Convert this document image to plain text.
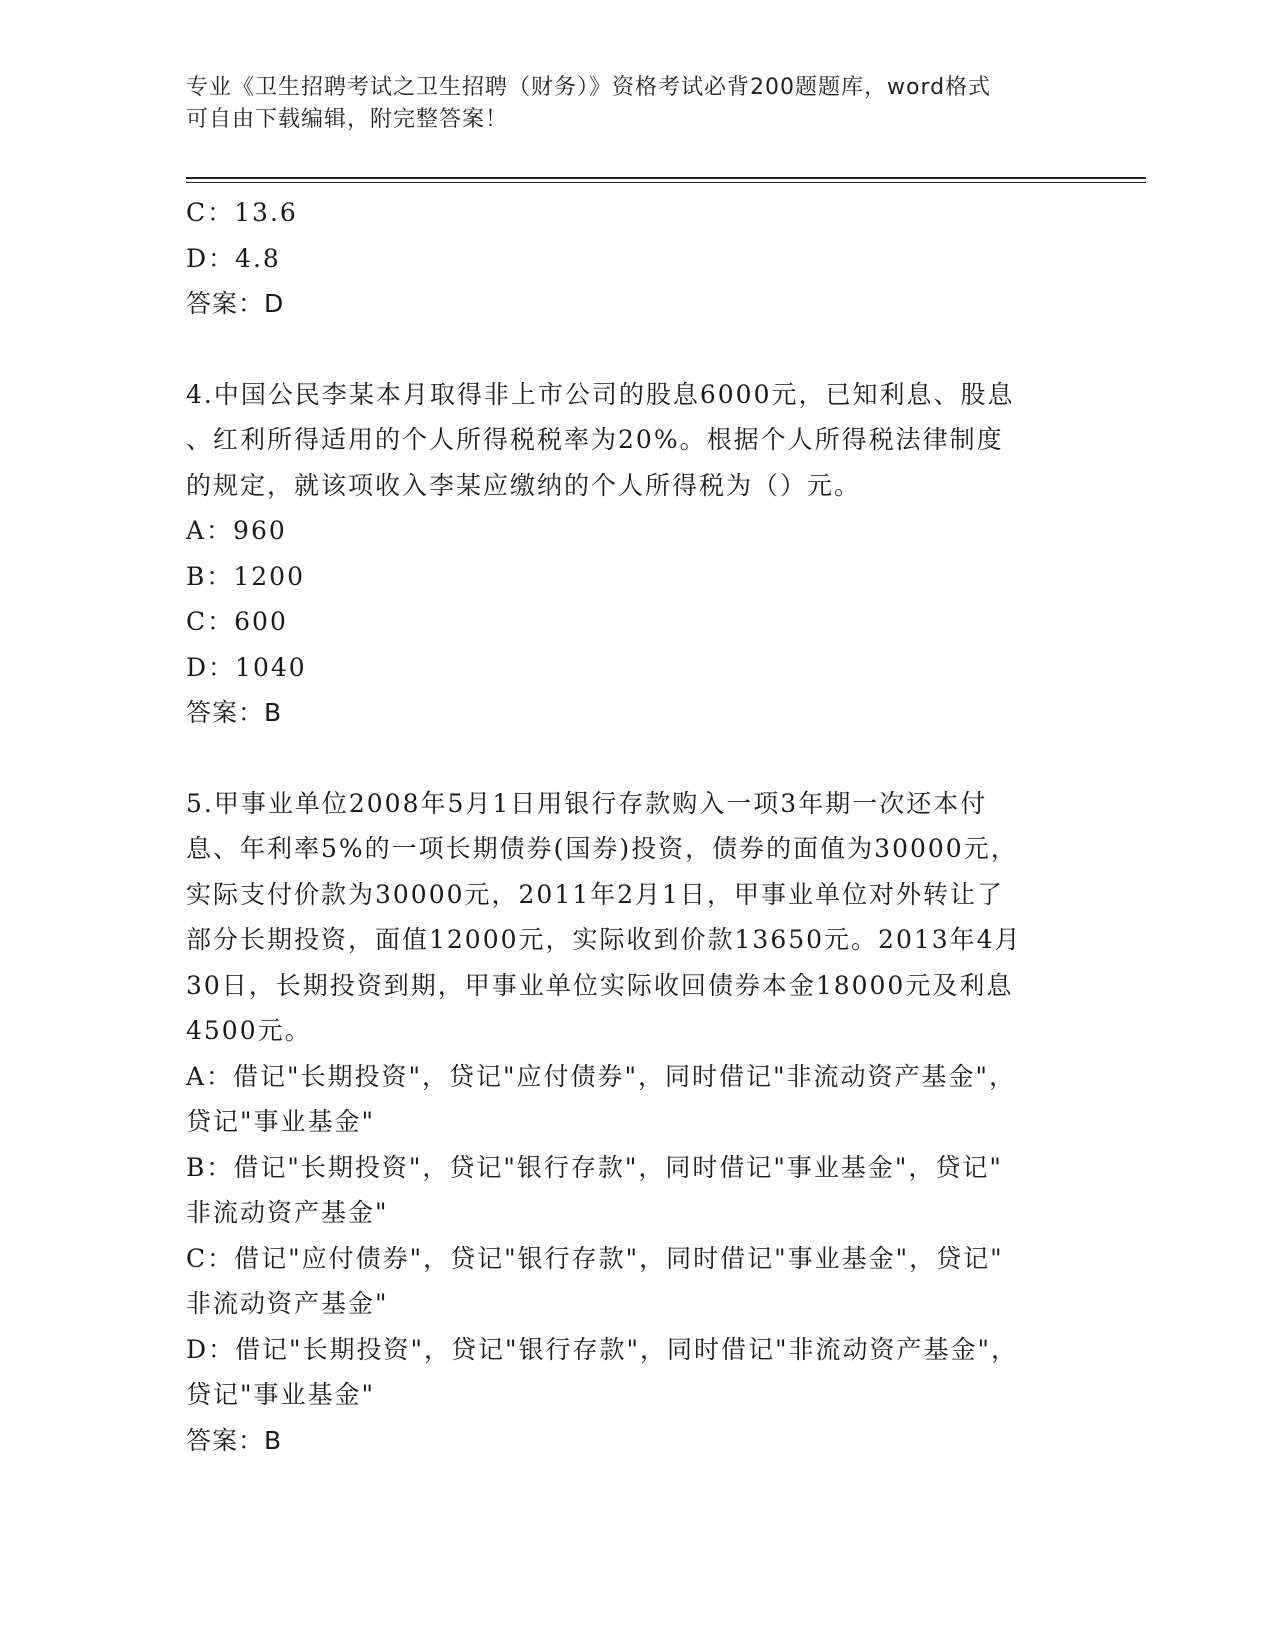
专业《卫生招聘考试之卫生招聘（财务）》资格考试必背200题题库，word格式
可自由下载编辑，附完整答案！
C：13.6
D：4.8
答案：D
4.中国公民李某本月取得非上市公司的股息6000元，已知利息、股息
、红利所得适用的个人所得税税率为20%。根据个人所得税法律制度
的规定，就该项收入李某应缴纳的个人所得税为（）元。
A：960
B：1200
C：600
D：1040
答案：B
5.甲事业单位2008年5月1日用银行存款购入一项3年期一次还本付
息、年利率5%的一项长期债券(国券)投资，债券的面值为30000元，
实际支付价款为30000元，2011年2月1日，甲事业单位对外转让了
部分长期投资，面值12000元，实际收到价款13650元。2013年4月
30日，长期投资到期，甲事业单位实际收回债券本金18000元及利息
4500元。
A：借记"长期投资"，贷记"应付债券"，同时借记"非流动资产基金"，
贷记"事业基金"
B：借记"长期投资"，贷记"银行存款"，同时借记"事业基金"，贷记"
非流动资产基金"
C：借记"应付债券"，贷记"银行存款"，同时借记"事业基金"，贷记"
非流动资产基金"
D：借记"长期投资"，贷记"银行存款"，同时借记"非流动资产基金"，
贷记"事业基金"
答案：B
